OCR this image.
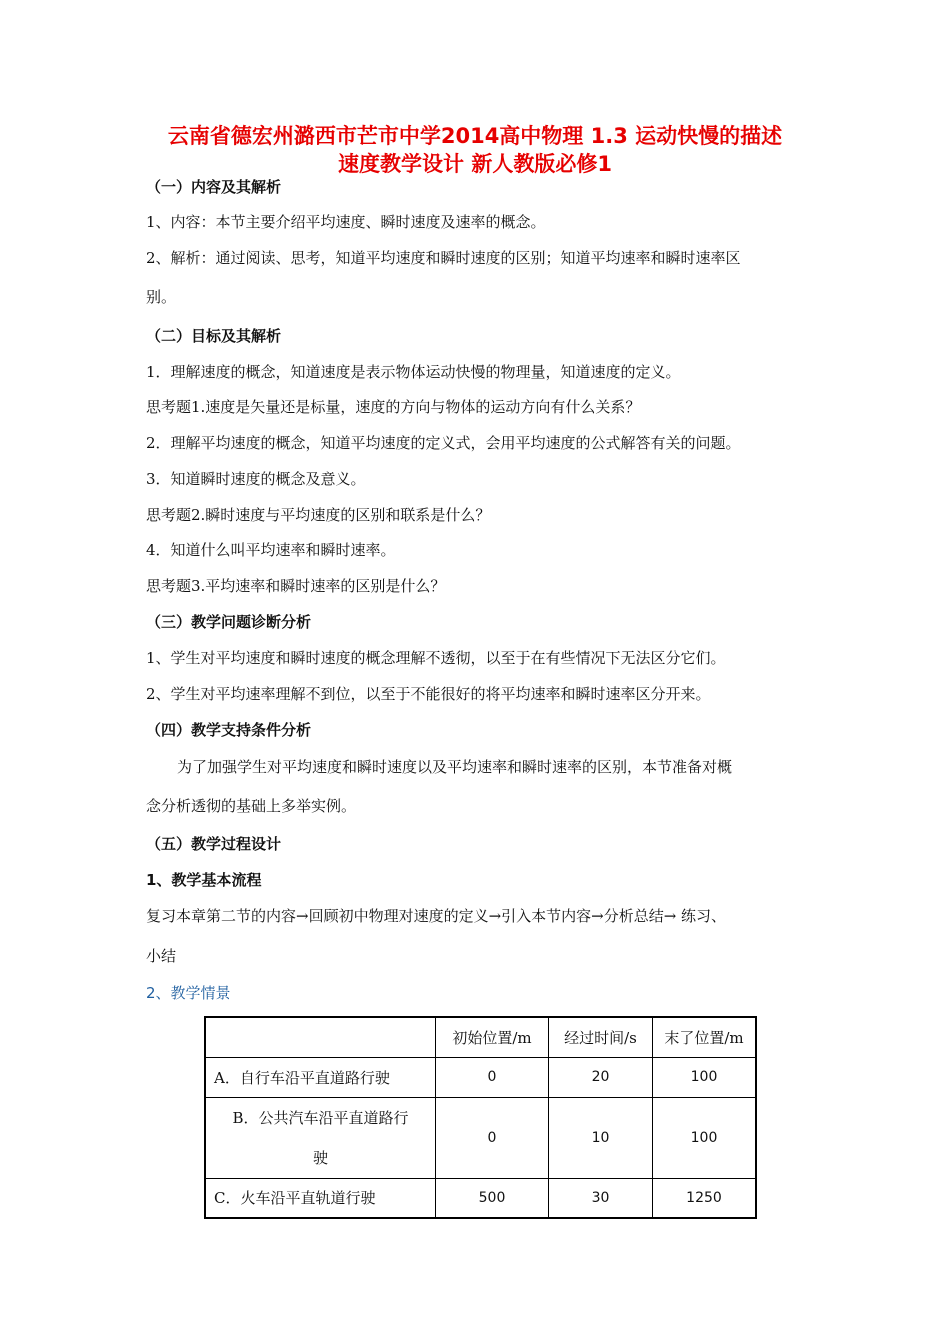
云南省德宏州潞西市芒市中学2014高中物理 1.3 运动快慢的描述
速度教学设计 新人教版必修1
（一）内容及其解析
1、内容：本节主要介绍平均速度、瞬时速度及速率的概念。
2、解析：通过阅读、思考，知道平均速度和瞬时速度的区别；知道平均速率和瞬时速率区
别。
（二）目标及其解析
1．理解速度的概念，知道速度是表示物体运动快慢的物理量，知道速度的定义。
思考题1.速度是矢量还是标量，速度的方向与物体的运动方向有什么关系？
2．理解平均速度的概念，知道平均速度的定义式，会用平均速度的公式解答有关的问题。
3．知道瞬时速度的概念及意义。
思考题2.瞬时速度与平均速度的区别和联系是什么？
4．知道什么叫平均速率和瞬时速率。
思考题3.平均速率和瞬时速率的区别是什么？
（三）教学问题诊断分析
1、学生对平均速度和瞬时速度的概念理解不透彻，以至于在有些情况下无法区分它们。
2、学生对平均速率理解不到位，以至于不能很好的将平均速率和瞬时速率区分开来。
（四）教学支持条件分析
为了加强学生对平均速度和瞬时速度以及平均速率和瞬时速率的区别，本节准备对概
念分析透彻的基础上多举实例。
（五）教学过程设计
1、教学基本流程
复习本章第二节的内容→回顾初中物理对速度的定义→引入本节内容→分析总结→ 练习、
小结
2、教学情景
	初始位置/m	经过时间/s	末了位置/m
A．自行车沿平直道路行驶	0	20	100

B．公共汽车沿平直道路行驶	0	10	100
C．火车沿平直轨道行驶	500	30	1250
